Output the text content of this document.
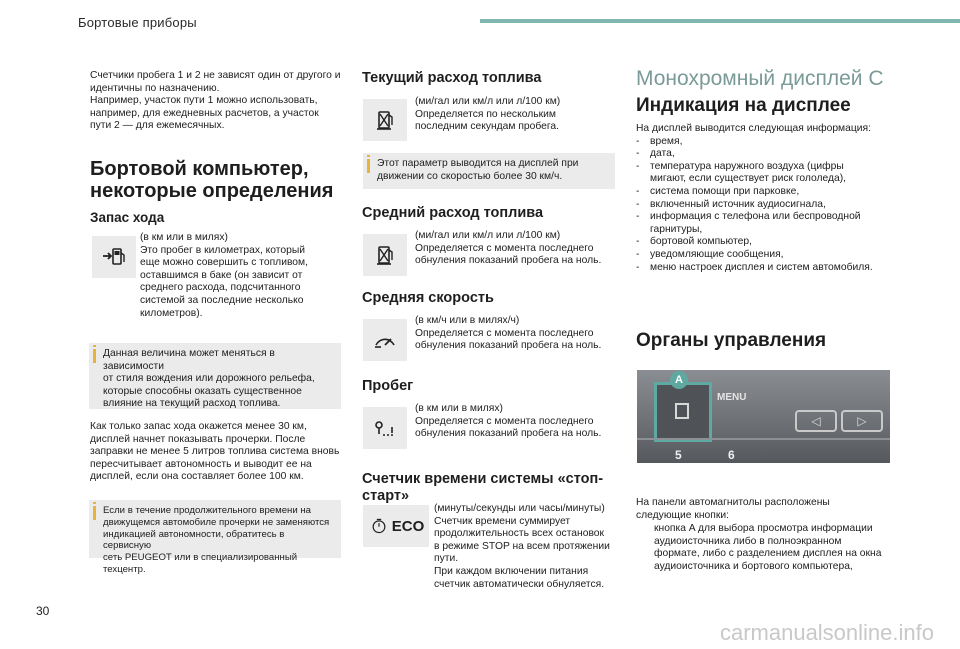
Бортовые приборы
Счетчики пробега 1 и 2 не зависят один от другого и
идентичны по назначению.
Например, участок пути 1 можно использовать,
например, для ежедневных расчетов, а участок
пути 2 — для ежемесячных.
Бортовой компьютер,
некоторые определения
Запас хода
(в км или в милях)
Это пробег в километрах, который
еще можно совершить с топливом,
оставшимся в баке (он зависит от
среднего расхода, подсчитанного
системой за последние несколько
километров).
Данная величина может меняться в зависимости
от стиля вождения или дорожного рельефа,
которые способны оказать существенное
влияние на текущий расход топлива.
Как только запас хода окажется менее 30 км,
дисплей начнет показывать прочерки. После
заправки не менее 5 литров топлива система вновь
пересчитывает автономность и выводит ее на
дисплей, если она составляет более 100 км.
Если в течение продолжительного времени на
движущемся автомобиле прочерки не заменяются
индикацией автономности, обратитесь в сервисную
сеть PEUGEOT или в специализированный техцентр.
Текущий расход топлива
(ми/гал или км/л или л/100 км)
Определяется по нескольким
последним секундам пробега.
Этот параметр выводится на дисплей при
движении со скоростью более 30 км/ч.
Средний расход топлива
(ми/гал или км/л или л/100 км)
Определяется с момента последнего
обнуления показаний пробега на ноль.
Средняя скорость
(в км/ч или в милях/ч)
Определяется с момента последнего
обнуления показаний пробега на ноль.
Пробег
(в км или в милях)
Определяется с момента последнего
обнуления показаний пробега на ноль.
Счетчик времени системы «стоп-
старт»
ECO
(минуты/секунды или часы/минуты)
Счетчик времени суммирует
продолжительность всех остановок
в режиме STOP на всем протяжении
пути.
При каждом включении питания
счетчик автоматически обнуляется.
Монохромный дисплей С
Индикация на дисплее
На дисплей выводится следующая информация:
- время,
- дата,
- температура наружного воздуха (цифры
мигают, если существует риск гололеда),
- система помощи при парковке,
- включенный источник аудиосигнала,
- информация с телефона или беспроводной
гарнитуры,
- бортовой компьютер,
- уведомляющие сообщения,
- меню настроек дисплея и систем автомобиля.
Органы управления
A
MENU
◁	▷
5	6
На панели автомагнитолы расположены
следующие кнопки:
кнопка A для выбора просмотра информации
аудиоисточника либо в полноэкранном
формате, либо с разделением дисплея на окна
аудиоисточника и бортового компьютера,
30
carmanualsonline.info
